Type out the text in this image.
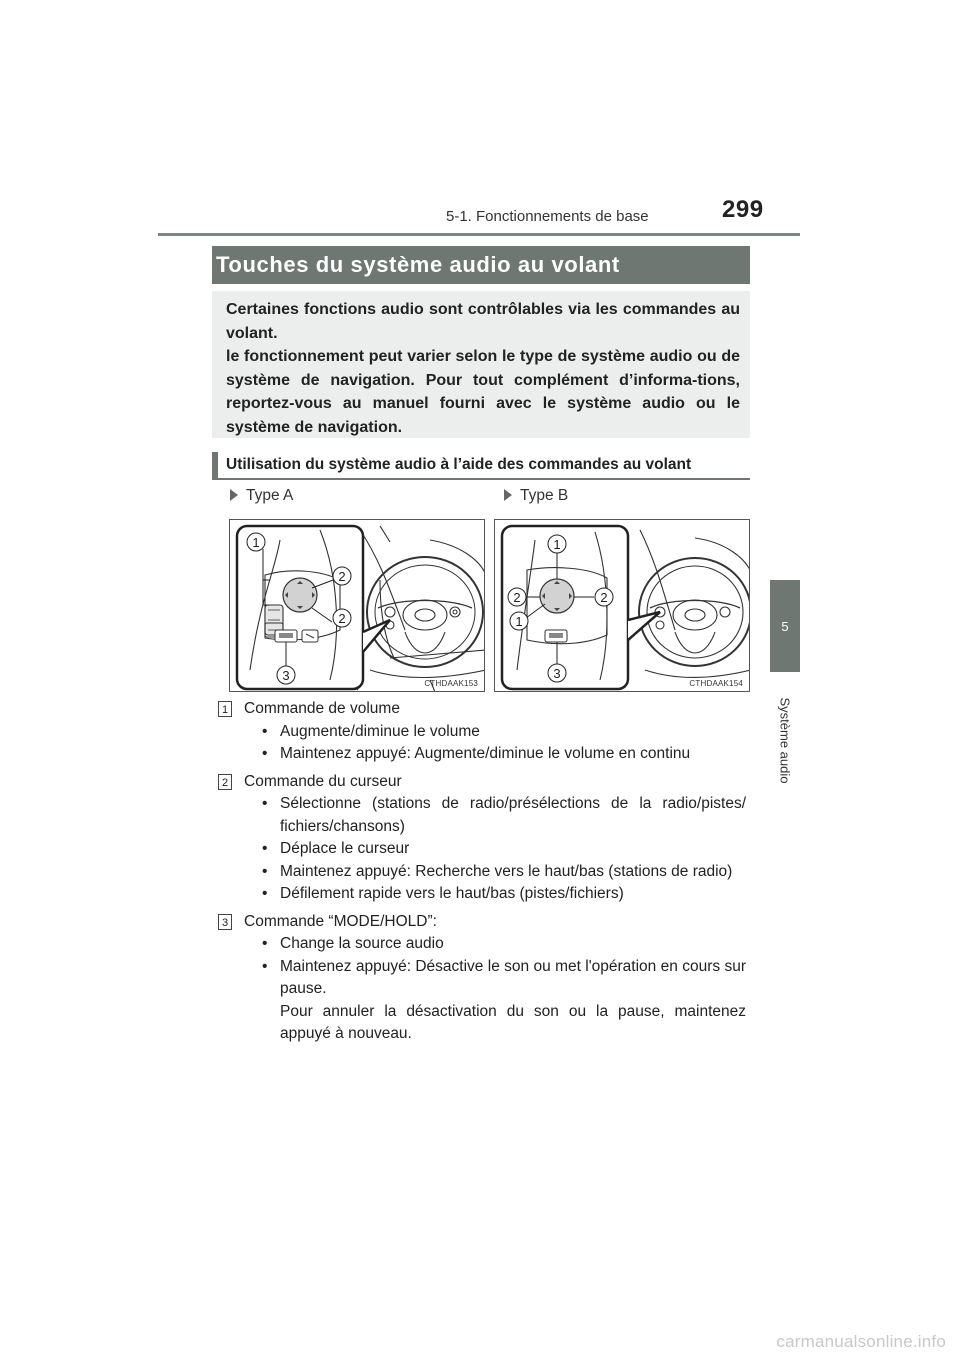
5-1. Fonctionnements de base	299
5
Système audio
Touches du système audio au volant

Certaines fonctions audio sont contrôlables via les commandes au volant.

le fonctionnement peut varier selon le type de système audio ou de système de navigation. Pour tout complément d’informa-tions, reportez-vous au manuel fourni avec le système audio ou le système de navigation.

Utilisation du système audio à l’aide des commandes au volant
Type A	Type B
1
2
2
3
CTHDAAK153
1
2	2
1
3
CTHDAAK154
1 Commande de volume
• Augmente/diminue le volume
• Maintenez appuyé: Augmente/diminue le volume en continu
2 Commande du curseur
• Sélectionne (stations de radio/présélections de la radio/pistes/ fichiers/chansons)
• Déplace le curseur
• Maintenez appuyé: Recherche vers le haut/bas (stations de radio)
• Défilement rapide vers le haut/bas (pistes/fichiers)
3 Commande “MODE/HOLD”:
• Change la source audio
• Maintenez appuyé: Désactive le son ou met l'opération en cours sur pause.
Pour annuler la désactivation du son ou la pause, maintenez appuyé à nouveau.
carmanualsonline.info
